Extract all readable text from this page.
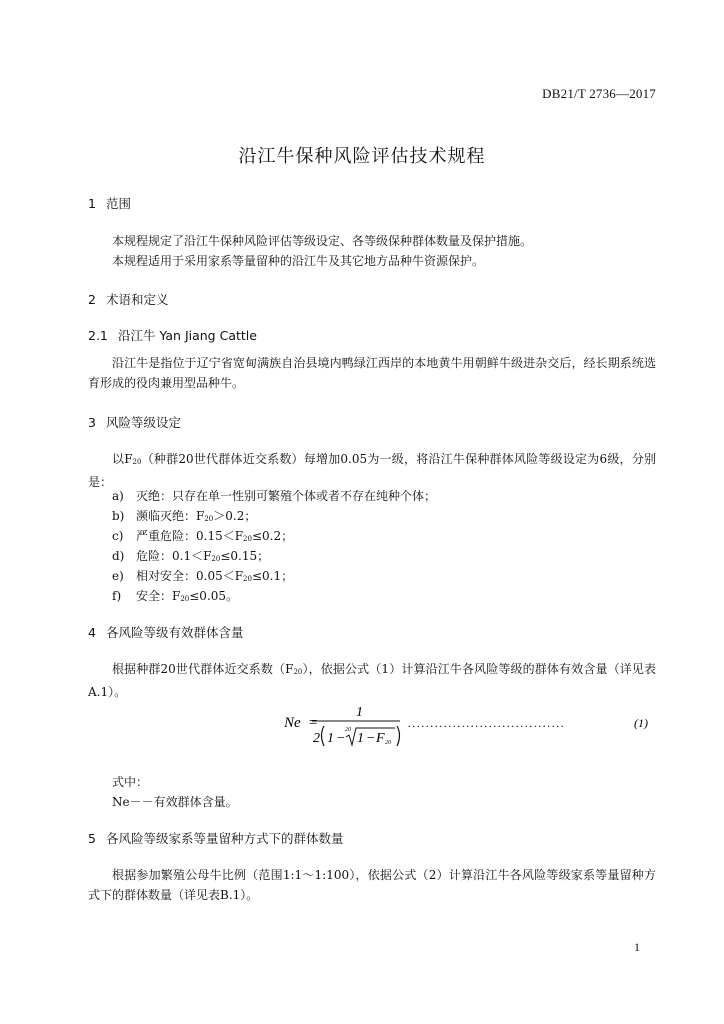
DB21/T 2736—2017
沿江牛保种风险评估技术规程
1 范围
本规程规定了沿江牛保种风险评估等级设定、各等级保种群体数量及保护措施。
本规程适用于采用家系等量留种的沿江牛及其它地方品种牛资源保护。
2 术语和定义
2.1 沿江牛 Yan Jiang Cattle
沿江牛是指位于辽宁省宽甸满族自治县境内鸭绿江西岸的本地黄牛用朝鲜牛级进杂交后，经长期系统选育形成的役肉兼用型品种牛。
3 风险等级设定
以F20（种群20世代群体近交系数）每增加0.05为一级，将沿江牛保种群体风险等级设定为6级，分别是：
a) 灭绝：只存在单一性别可繁殖个体或者不存在纯种个体；
b) 濒临灭绝：F20＞0.2；
c) 严重危险：0.15＜F20≤0.2；
d) 危险：0.1＜F20≤0.15；
e) 相对安全：0.05＜F20≤0.1；
f) 安全：F20≤0.05。
4 各风险等级有效群体含量
根据种群20世代群体近交系数（F20），依据公式（1）计算沿江牛各风险等级的群体有效含量（详见表A.1）。
Ne =
1
2 1 −
20
1 − F 20
...................................	(1)
式中：
Ne－－有效群体含量。
5 各风险等级家系等量留种方式下的群体数量
根据参加繁殖公母牛比例（范围1:1～1:100），依据公式（2）计算沿江牛各风险等级家系等量留种方式下的群体数量（详见表B.1）。
1
